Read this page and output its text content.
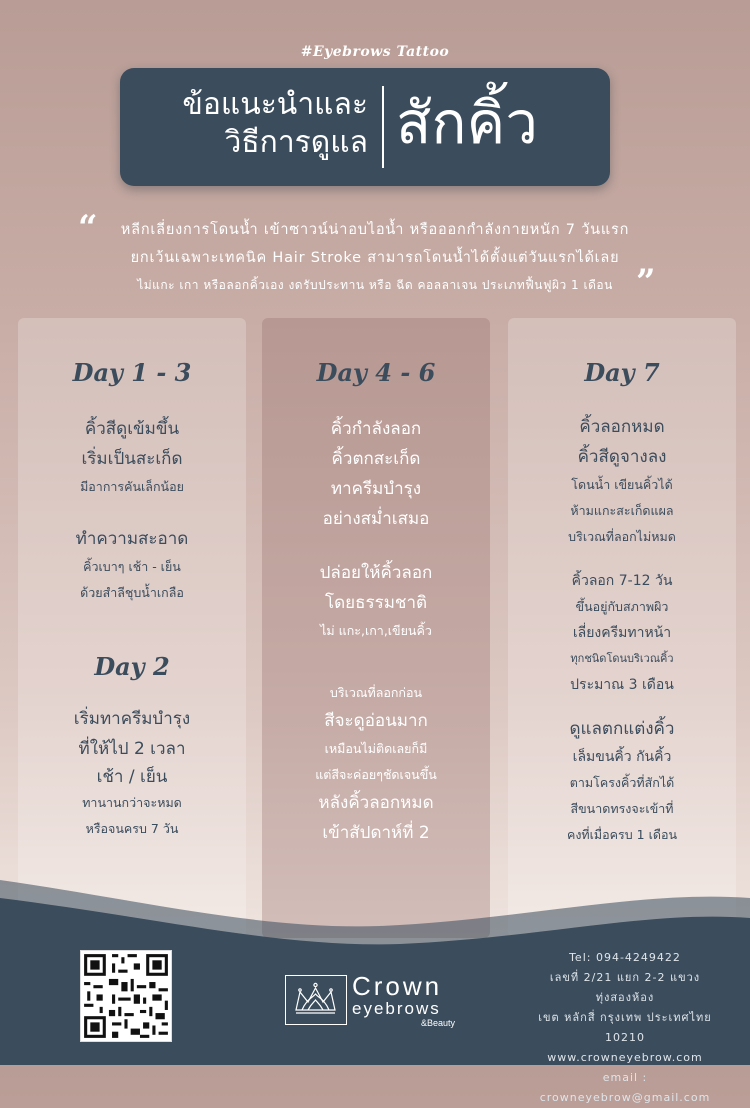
#Eyebrows Tattoo
ข้อแนะนำและ
วิธีการดูแล สักคิ้ว
“
”
หลีกเลี่ยงการโดนน้ำ เข้าซาวน์น่าอบไอน้ำ หรือออกกำลังกายหนัก 7 วันแรก
ยกเว้นเฉพาะเทคนิค Hair Stroke สามารถโดนน้ำได้ตั้งแต่วันแรกได้เลย
ไม่แกะ เกา หรือลอกคิ้วเอง งดรับประทาน หรือ ฉีด คอลลาเจน ประเภทฟื้นฟูผิว 1 เดือน
Day 1 - 3
คิ้วสีดูเข้มขึ้น
เริ่มเป็นสะเก็ด
มีอาการคันเล็กน้อย
ทำความสะอาด
คิ้วเบาๆ เช้า - เย็น
ด้วยสำลีชุบน้ำเกลือ
Day 2
เริ่มทาครีมบำรุง
ที่ให้ไป 2 เวลา
เช้า / เย็น
ทานานกว่าจะหมด
หรือจนครบ 7 วัน
Day 4 - 6
คิ้วกำลังลอก
คิ้วตกสะเก็ด
ทาครีมบำรุง
อย่างสม่ำเสมอ
ปล่อยให้คิ้วลอก
โดยธรรมชาติ
ไม่ แกะ,เกา,เขียนคิ้ว
บริเวณที่ลอกก่อน
สีจะดูอ่อนมาก
เหมือนไม่ติดเลยก็มี
แต่สีจะค่อยๆชัดเจนขึ้น
หลังคิ้วลอกหมด
เข้าสัปดาห์ที่ 2
Day 7
คิ้วลอกหมด
คิ้วสีดูจางลง
โดนน้ำ เขียนคิ้วได้
ห้ามแกะสะเก็ดแผล
บริเวณที่ลอกไม่หมด
คิ้วลอก 7-12 วัน
ขึ้นอยู่กับสภาพผิว
เลี่ยงครีมทาหน้า
ทุกชนิดโดนบริเวณคิ้ว
ประมาณ 3 เดือน
ดูแลตกแต่งคิ้ว
เล็มขนคิ้ว กันคิ้ว
ตามโครงคิ้วที่สักได้
สีขนาดทรงจะเข้าที่
คงที่เมื่อครบ 1 เดือน
Crown
eyebrows
&Beauty
Tel: 094-4249422
เลขที่ 2/21 แยก 2-2 แขวง ทุ่งสองห้อง
เขต หลักสี่ กรุงเทพ ประเทศไทย 10210
www.crowneyebrow.com
email : crowneyebrow@gmail.com
